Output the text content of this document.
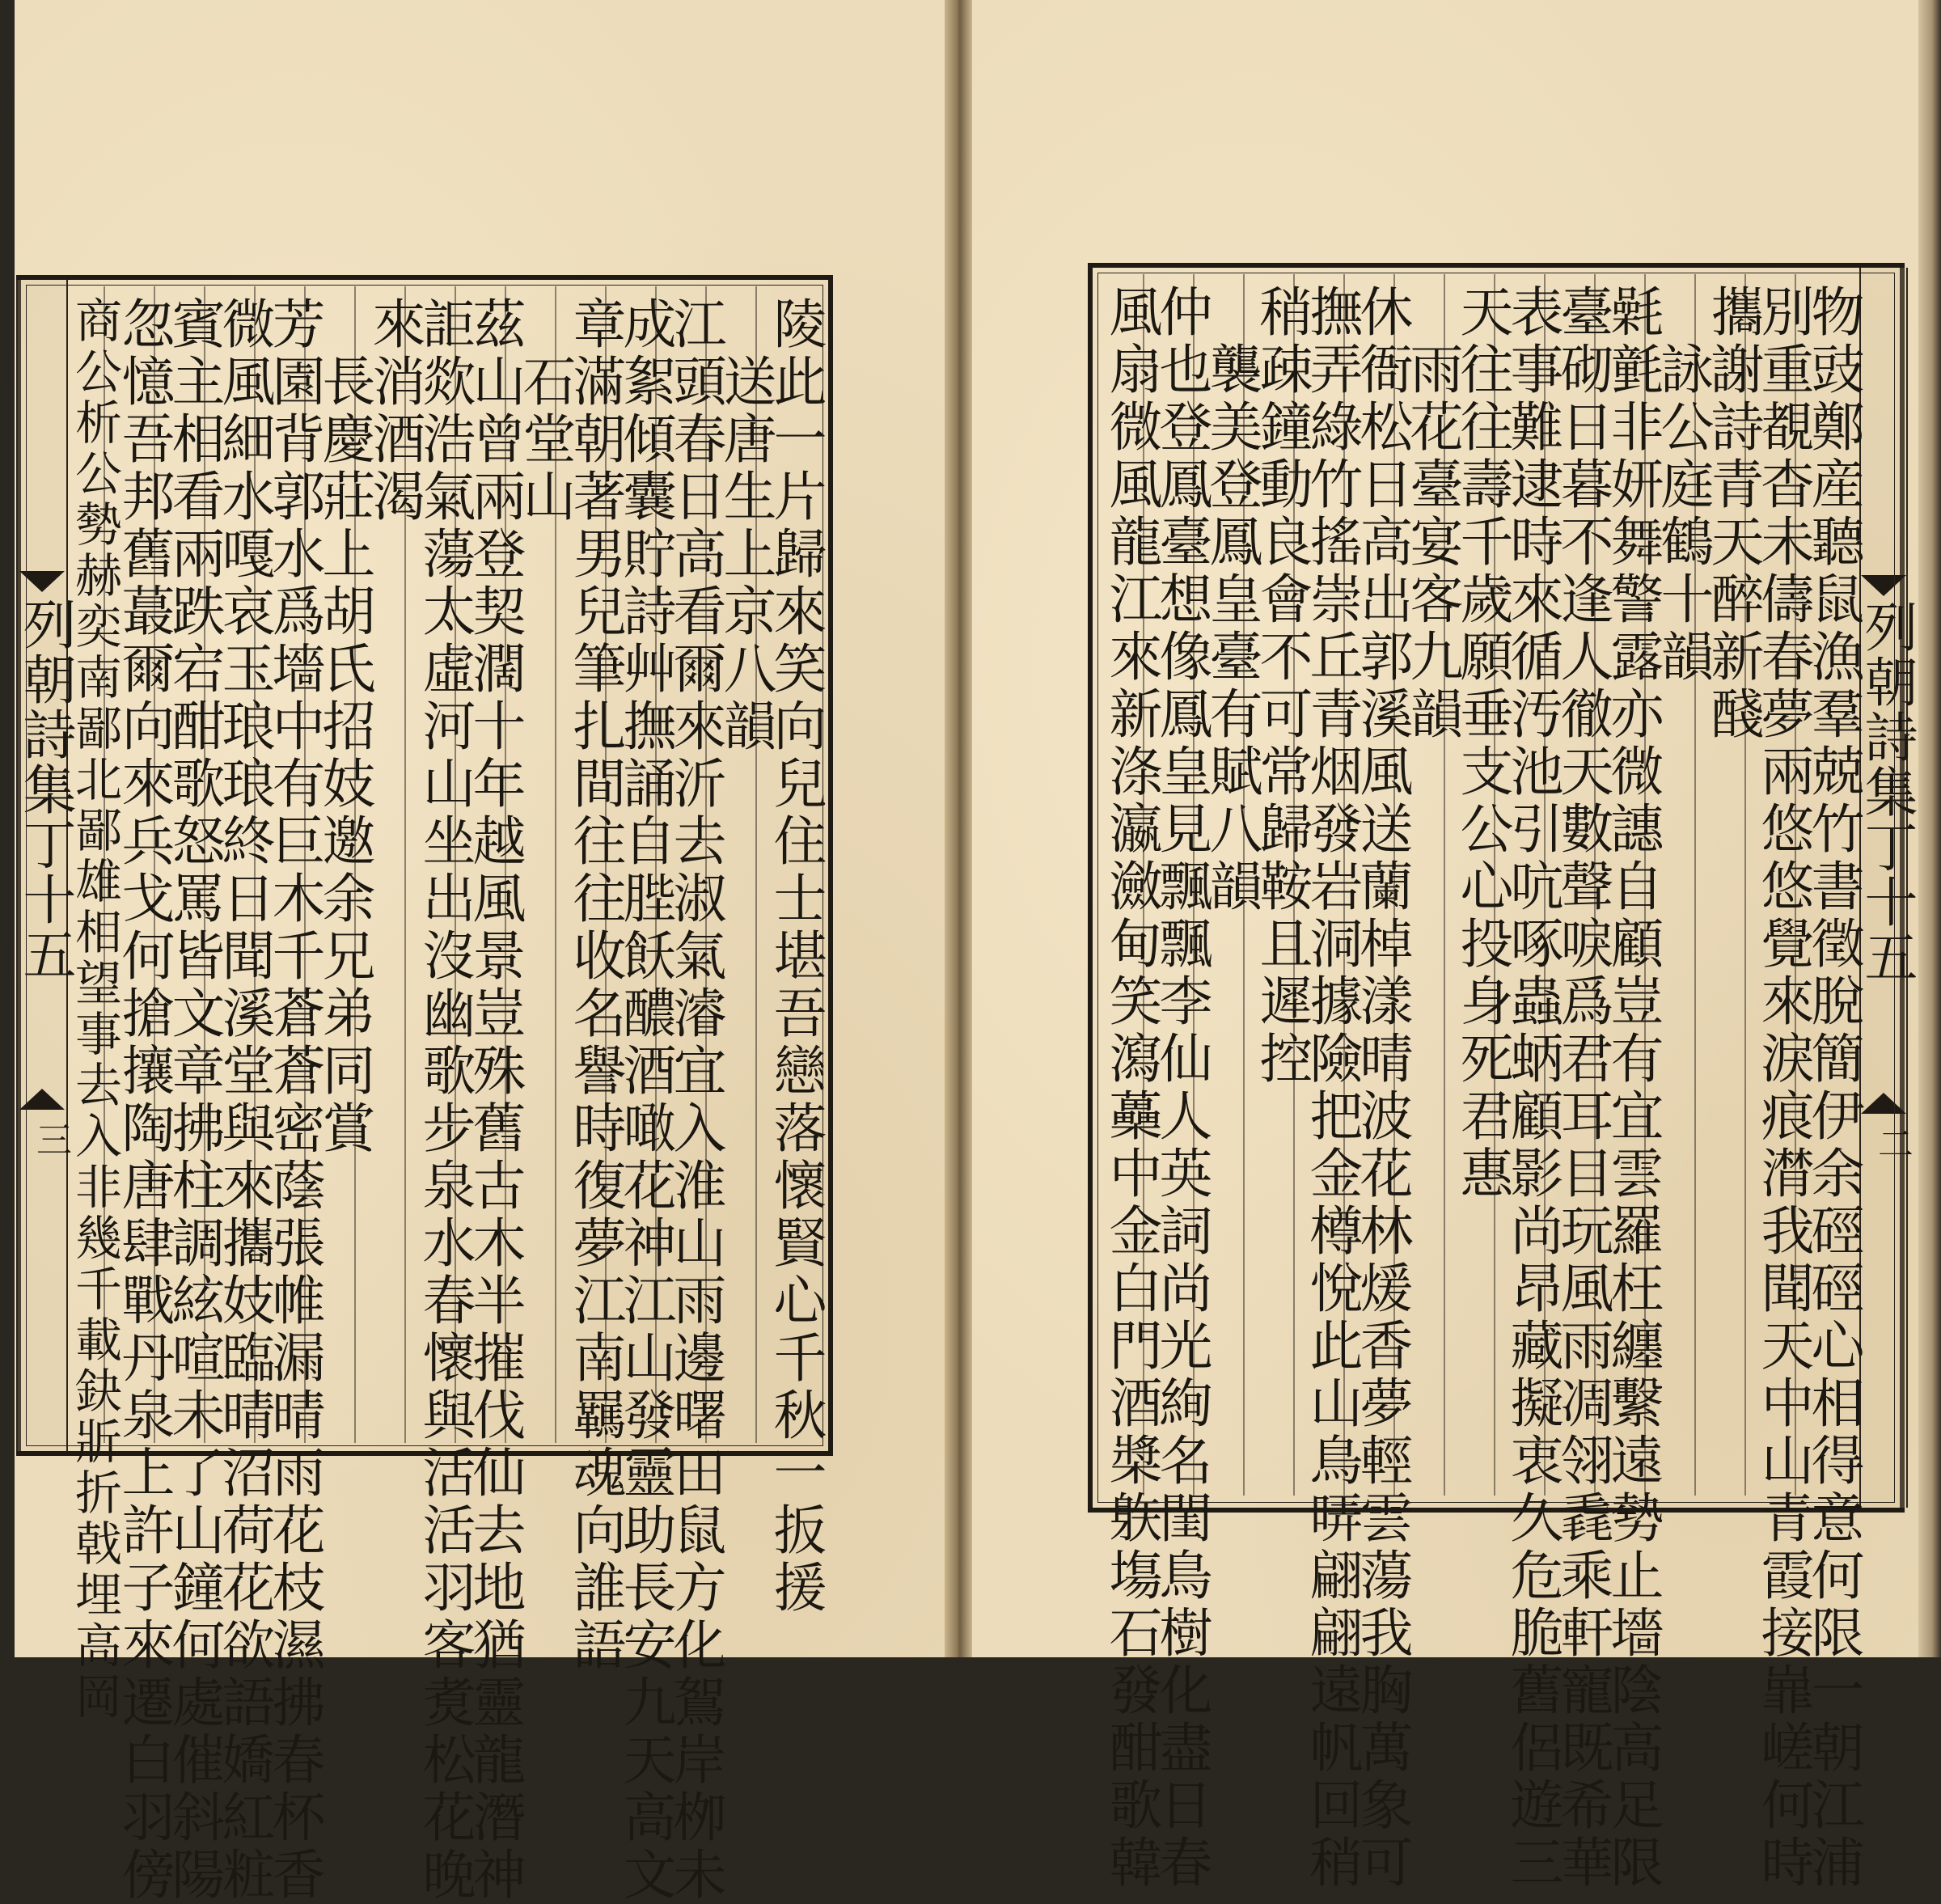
列朝詩集丁十五
三	陵此一片歸來笑向兒住士堪吾戀落懷賢心千秋一扳援
　送唐生上京八韻
江頭春日高看爾來沂去淑氣濬宜入淮山雨邊曙田鼠方化鴽岸栁未
成絮傾囊貯詩艸撫誦自䏶飫醲酒噉花神江山發靈助長安九天高文
章滿朝著男兒筆扎間往往收名譽時復夢江南羈魂向誰語
　石堂山
茲山曾兩登契濶十年越風景豈殊舊古木半摧伐仙去地猶靈龍潛神
詎欻浩氣蕩太虛河山坐出沒幽歌步泉水春懷與活活羽客煑松花晚
來消酒渴
　長慶莊上胡氏招妓邀余兄弟同賞
芳園背郭水爲墻中有巨木千蒼蒼密蔭張帷漏晴雨花枝濕拂春杯香
微風細水嘎哀玉琅琅終日聞溪堂與來攜妓臨晴沼荷花欲語嬌紅粧
賓主相看兩跌宕酣歌怒罵皆文章拂柱調絃喧未了山鐘何處催斜陽
忽憶吾邦舊蕞爾向來兵戈何搶攘陶唐肆戰丹泉上許子來遷白羽傍
商公析公勢赫奕南鄙北鄙雄相望事去入非幾千載鈌斨折戟埋高岡	列朝詩集丁十五
二
物豉鄭産聽鼠漁羣兢竹書徵脫簡伊余硜硜心相得意何限一朝江浦
別重覩杳未儔春夢兩悠悠覺來淚痕潸我聞天中山青霞接㠑嵯何時
攜謝詩青天醉新醆
　詠公庭鶴十韻
氉氃非妍舞警露亦微譓自顧豈有宜雲羅枉纏繫遠勢止墻陰高足限
臺砌日暮不逢人徹天數聲唳爲君耳目玩風雨凋翎毳乘軒寵既希華
表事難逮時來循汚池引吭啄蟲蛃顧影尚昂藏擬衷久危脆舊侶遊三
天往往壽千歲願垂支公心投身死君惠
　雨花臺宴客九韻
休衙松日高出郭溪風送蘭棹漾晴波花林煖香夢輕雲蕩我胸萬象可
撫弄綠竹搖崇丘青烟發岩洞據險把金樽悅此山鳥哢翩翩遠帆回稍
稍疎鐘動良會不可常歸鞍且遲控
　襲美登鳳皇臺有賦八韻
仲也登鳳臺想像鳳皇見飄飄李仙人英詞尚光絢名閨鳥樹化盡日春
風扇微風龍江來新涤瀛瀲甸笑瀉蘽中金白門酒槳䠶塲石發酣歌韓
